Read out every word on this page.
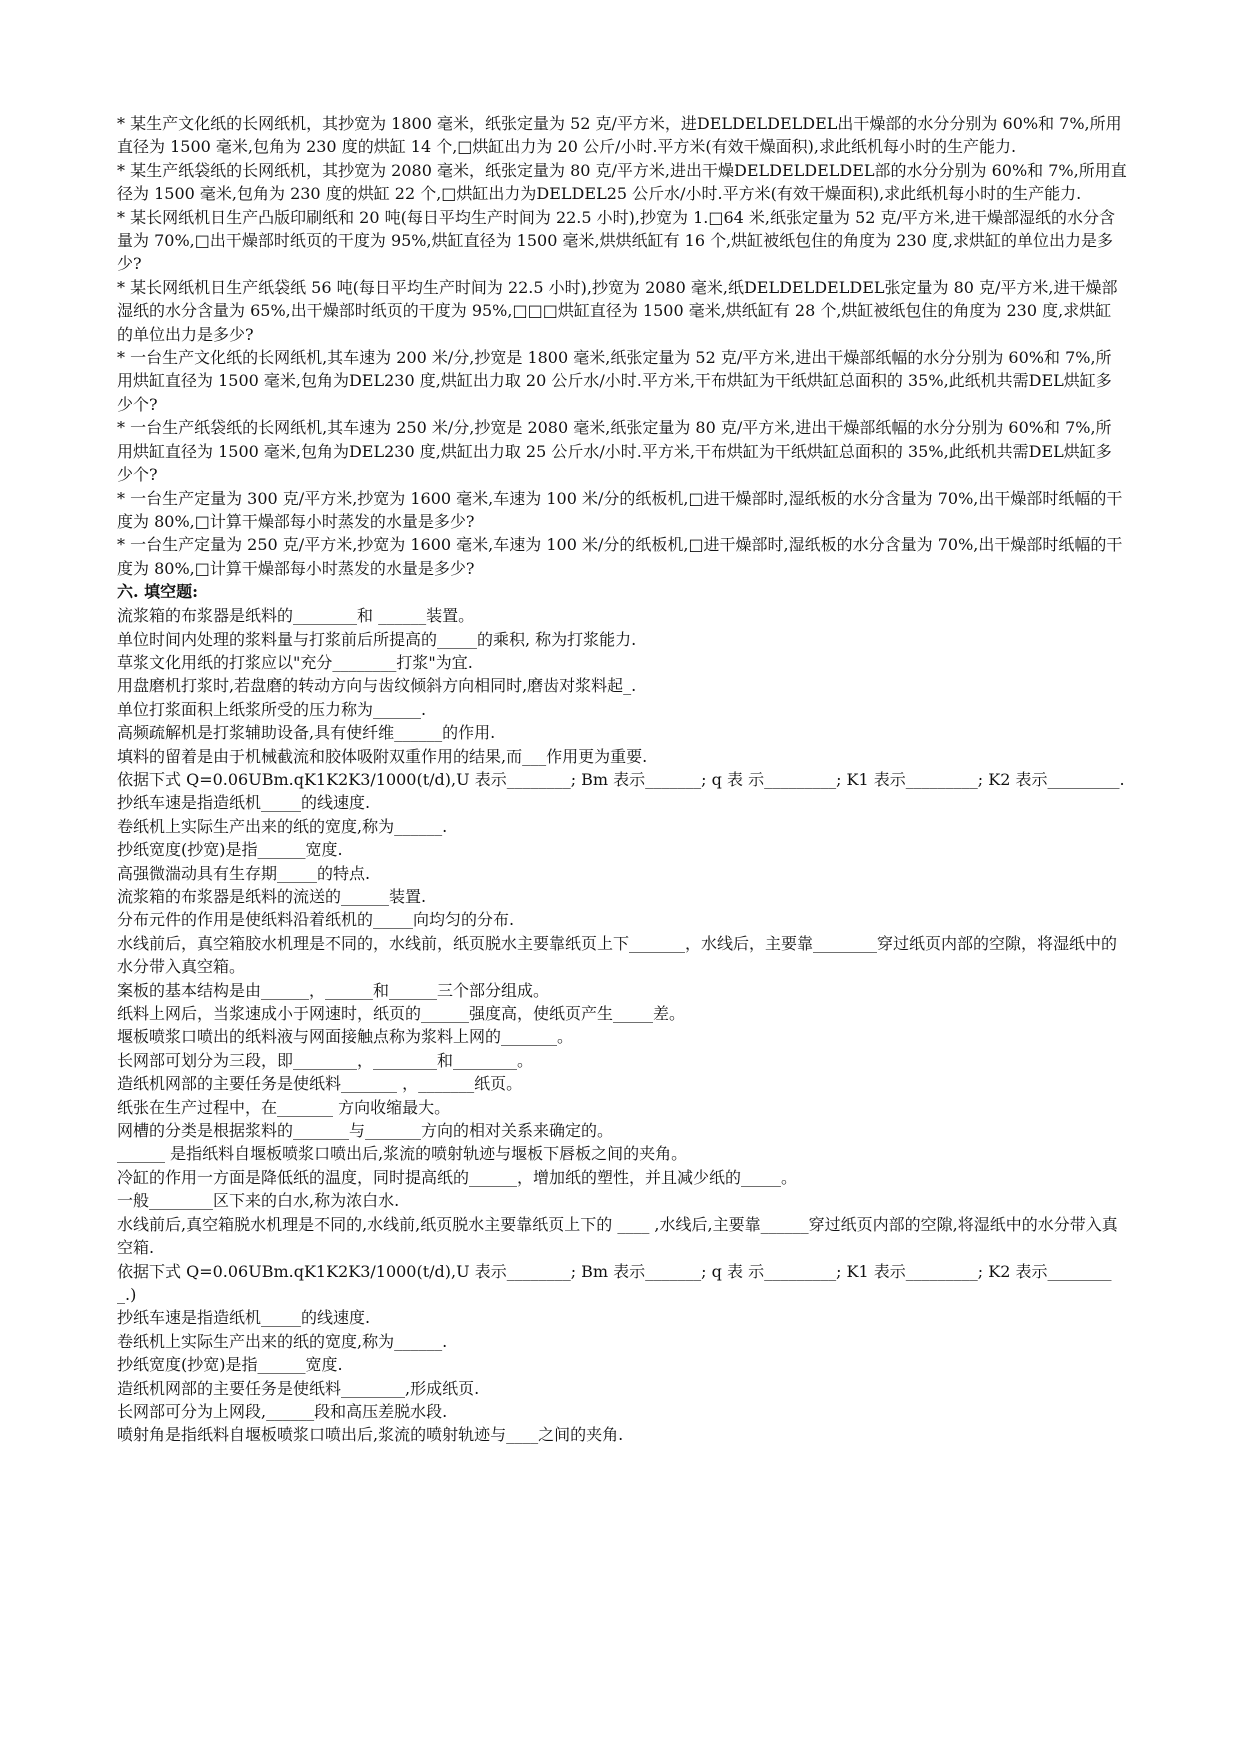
* 某生产文化纸的长网纸机，其抄宽为 1800 毫米，纸张定量为 52 克/平方米，进DELDELDELDEL出干燥部的水分分别为 60%和 7%,所用直径为 1500 毫米,包角为 230 度的烘缸 14 个,□烘缸出力为 20 公斤/小时.平方米(有效干燥面积),求此纸机每小时的生产能力.

* 某生产纸袋纸的长网纸机，其抄宽为 2080 毫米，纸张定量为 80 克/平方米,进出干燥DELDELDELDEL部的水分分别为 60%和 7%,所用直径为 1500 毫米,包角为 230 度的烘缸 22 个,□烘缸出力为DELDEL25 公斤水/小时.平方米(有效干燥面积),求此纸机每小时的生产能力.

* 某长网纸机日生产凸版印刷纸和 20 吨(每日平均生产时间为 22.5 小时),抄宽为 1.□64 米,纸张定量为 52 克/平方米,进干燥部湿纸的水分含量为 70%,□出干燥部时纸页的干度为 95%,烘缸直径为 1500 毫米,烘烘纸缸有 16 个,烘缸被纸包住的角度为 230 度,求烘缸的单位出力是多少?

* 某长网纸机日生产纸袋纸 56 吨(每日平均生产时间为 22.5 小时),抄宽为 2080 毫米,纸DELDELDELDEL张定量为 80 克/平方米,进干燥部湿纸的水分含量为 65%,出干燥部时纸页的干度为 95%,□□□烘缸直径为 1500 毫米,烘纸缸有 28 个,烘缸被纸包住的角度为 230 度,求烘缸的单位出力是多少?

* 一台生产文化纸的长网纸机,其车速为 200 米/分,抄宽是 1800 毫米,纸张定量为 52 克/平方米,进出干燥部纸幅的水分分别为 60%和 7%,所用烘缸直径为 1500 毫米,包角为DEL230 度,烘缸出力取 20 公斤水/小时.平方米,干布烘缸为干纸烘缸总面积的 35%,此纸机共需DEL烘缸多少个?

* 一台生产纸袋纸的长网纸机,其车速为 250 米/分,抄宽是 2080 毫米,纸张定量为 80 克/平方米,进出干燥部纸幅的水分分别为 60%和 7%,所用烘缸直径为 1500 毫米,包角为DEL230 度,烘缸出力取 25 公斤水/小时.平方米,干布烘缸为干纸烘缸总面积的 35%,此纸机共需DEL烘缸多少个?

* 一台生产定量为 300 克/平方米,抄宽为 1600 毫米,车速为 100 米/分的纸板机,□进干燥部时,湿纸板的水分含量为 70%,出干燥部时纸幅的干度为 80%,□计算干燥部每小时蒸发的水量是多少?

* 一台生产定量为 250 克/平方米,抄宽为 1600 毫米,车速为 100 米/分的纸板机,□进干燥部时,湿纸板的水分含量为 70%,出干燥部时纸幅的干度为 80%,□计算干燥部每小时蒸发的水量是多少?

六. 填空题:

流浆箱的布浆器是纸料的________和 ______装置。

单位时间内处理的浆料量与打浆前后所提高的_____的乘积, 称为打浆能力.

草浆文化用纸的打浆应以"充分________打浆"为宜.

用盘磨机打浆时,若盘磨的转动方向与齿纹倾斜方向相同时,磨齿对浆料起_.

单位打浆面积上纸浆所受的压力称为______.

高频疏解机是打浆辅助设备,具有使纤维______的作用.

填料的留着是由于机械截流和胶体吸附双重作用的结果,而___作用更为重要.

依据下式 Q=0.06UBm.qK1K2K3/1000(t/d),U 表示________; Bm 表示_______; q 表 示_________; K1 表示_________; K2 表示_________.

抄纸车速是指造纸机_____的线速度.

卷纸机上实际生产出来的纸的宽度,称为______.

抄纸宽度(抄宽)是指______宽度.

高强微湍动具有生存期_____的特点.

流浆箱的布浆器是纸料的流送的______装置.

分布元件的作用是使纸料沿着纸机的_____向均匀的分布.

水线前后，真空箱胶水机理是不同的，水线前，纸页脱水主要靠纸页上下_______，水线后，主要靠________穿过纸页内部的空隙，将湿纸中的水分带入真空箱。

案板的基本结构是由______，______和______三个部分组成。

纸料上网后，当浆速成小于网速时，纸页的______强度高，使纸页产生_____差。

堰板喷浆口喷出的纸料液与网面接触点称为浆料上网的_______。

长网部可划分为三段，即________，________和________。

造纸机网部的主要任务是使纸料_______ ，_______纸页。

纸张在生产过程中，在_______ 方向收缩最大。

网槽的分类是根据浆料的_______与_______方向的相对关系来确定的。

______ 是指纸料自堰板喷浆口喷出后,浆流的喷射轨迹与堰板下唇板之间的夹角。

冷缸的作用一方面是降低纸的温度，同时提高纸的______，增加纸的塑性，并且减少纸的_____。

一般________区下来的白水,称为浓白水.

水线前后,真空箱脱水机理是不同的,水线前,纸页脱水主要靠纸页上下的 ____ ,水线后,主要靠______穿过纸页内部的空隙,将湿纸中的水分带入真空箱.

依据下式 Q=0.06UBm.qK1K2K3/1000(t/d),U 表示________; Bm 表示_______; q 表 示_________; K1 表示_________; K2 表示_________.)

抄纸车速是指造纸机_____的线速度.

卷纸机上实际生产出来的纸的宽度,称为______.

抄纸宽度(抄宽)是指______宽度.

造纸机网部的主要任务是使纸料________,形成纸页.

长网部可分为上网段,______段和高压差脱水段.

喷射角是指纸料自堰板喷浆口喷出后,浆流的喷射轨迹与____之间的夹角.
